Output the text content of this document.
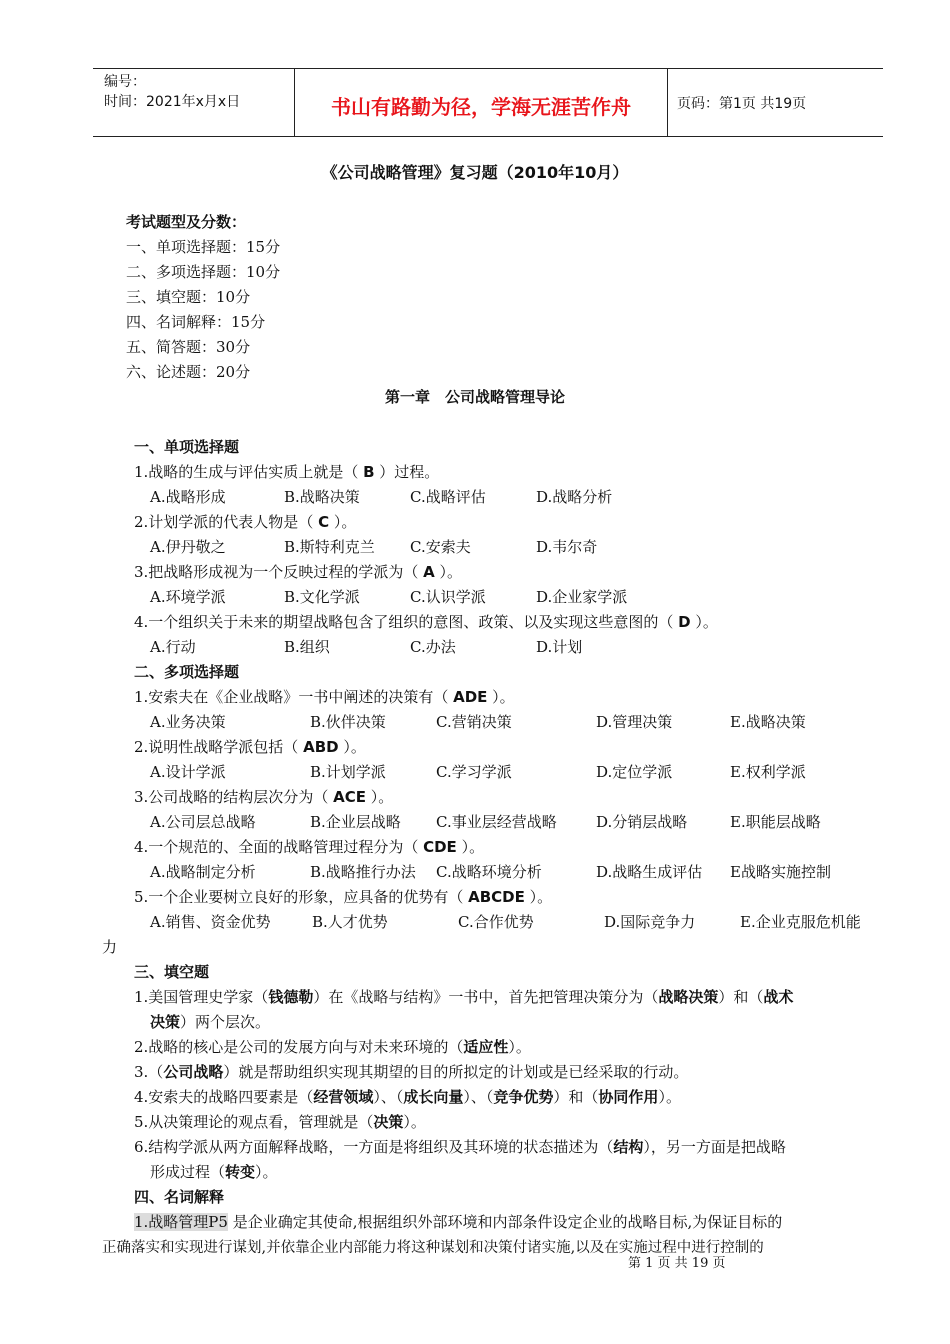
编号：
时间：2021年x月x日	书山有路勤为径，学海无涯苦作舟	页码：第1页 共19页
《公司战略管理》复习题（2010年10月）
考试题型及分数：
一、单项选择题：15分
二、多项选择题：10分
三、填空题：10分
四、名词解释：15分
五、简答题：30分
六、论述题：20分
第一章　公司战略管理导论
一、单项选择题
1.战略的生成与评估实质上就是（ B ）过程。
A.战略形成	B.战略决策	C.战略评估	D.战略分析
2.计划学派的代表人物是（ C ）。
A.伊丹敬之	B.斯特利克兰 C.安索夫	D.韦尔奇
3.把战略形成视为一个反映过程的学派为（ A ）。
A.环境学派	B.文化学派	C.认识学派	D.企业家学派
4.一个组织关于未来的期望战略包含了组织的意图、政策、以及实现这些意图的（ D ）。
A.行动	B.组织	C.办法	D.计划
二、多项选择题
1.安索夫在《企业战略》一书中阐述的决策有（ ADE ）。
A.业务决策	B.伙伴决策	C.营销决策	D.管理决策	E.战略决策
2.说明性战略学派包括（ ABD ）。
A.设计学派	B.计划学派	C.学习学派	D.定位学派	E.权利学派
3.公司战略的结构层次分为（ ACE ）。
A.公司层总战略	B.企业层战略 C.事业层经营战略	D.分销层战略	E.职能层战略
4.一个规范的、全面的战略管理过程分为（ CDE ）。
A.战略制定分析	B.战略推行办法 C.战略环境分析	D.战略生成评估 E战略实施控制
5.一个企业要树立良好的形象，应具备的优势有（ ABCDE ）。
A.销售、资金优势	B.人才优势	C.合作优势	D.国际竞争力	E.企业克服危机能
力
三、填空题
1.美国管理史学家（钱德勒）在《战略与结构》一书中，首先把管理决策分为（战略决策）和（战术
决策）两个层次。
2.战略的核心是公司的发展方向与对未来环境的（适应性）。
3.（公司战略）就是帮助组织实现其期望的目的所拟定的计划或是已经采取的行动。
4.安索夫的战略四要素是（经营领域）、（成长向量）、（竞争优势）和（协同作用）。
5.从决策理论的观点看，管理就是（决策）。
6.结构学派从两方面解释战略，一方面是将组织及其环境的状态描述为（结构），另一方面是把战略
形成过程（转变）。
四、名词解释
1.战略管理P5 是企业确定其使命,根据组织外部环境和内部条件设定企业的战略目标,为保证目标的
正确落实和实现进行谋划,并依靠企业内部能力将这种谋划和决策付诸实施,以及在实施过程中进行控制的
第 1 页 共 19 页
